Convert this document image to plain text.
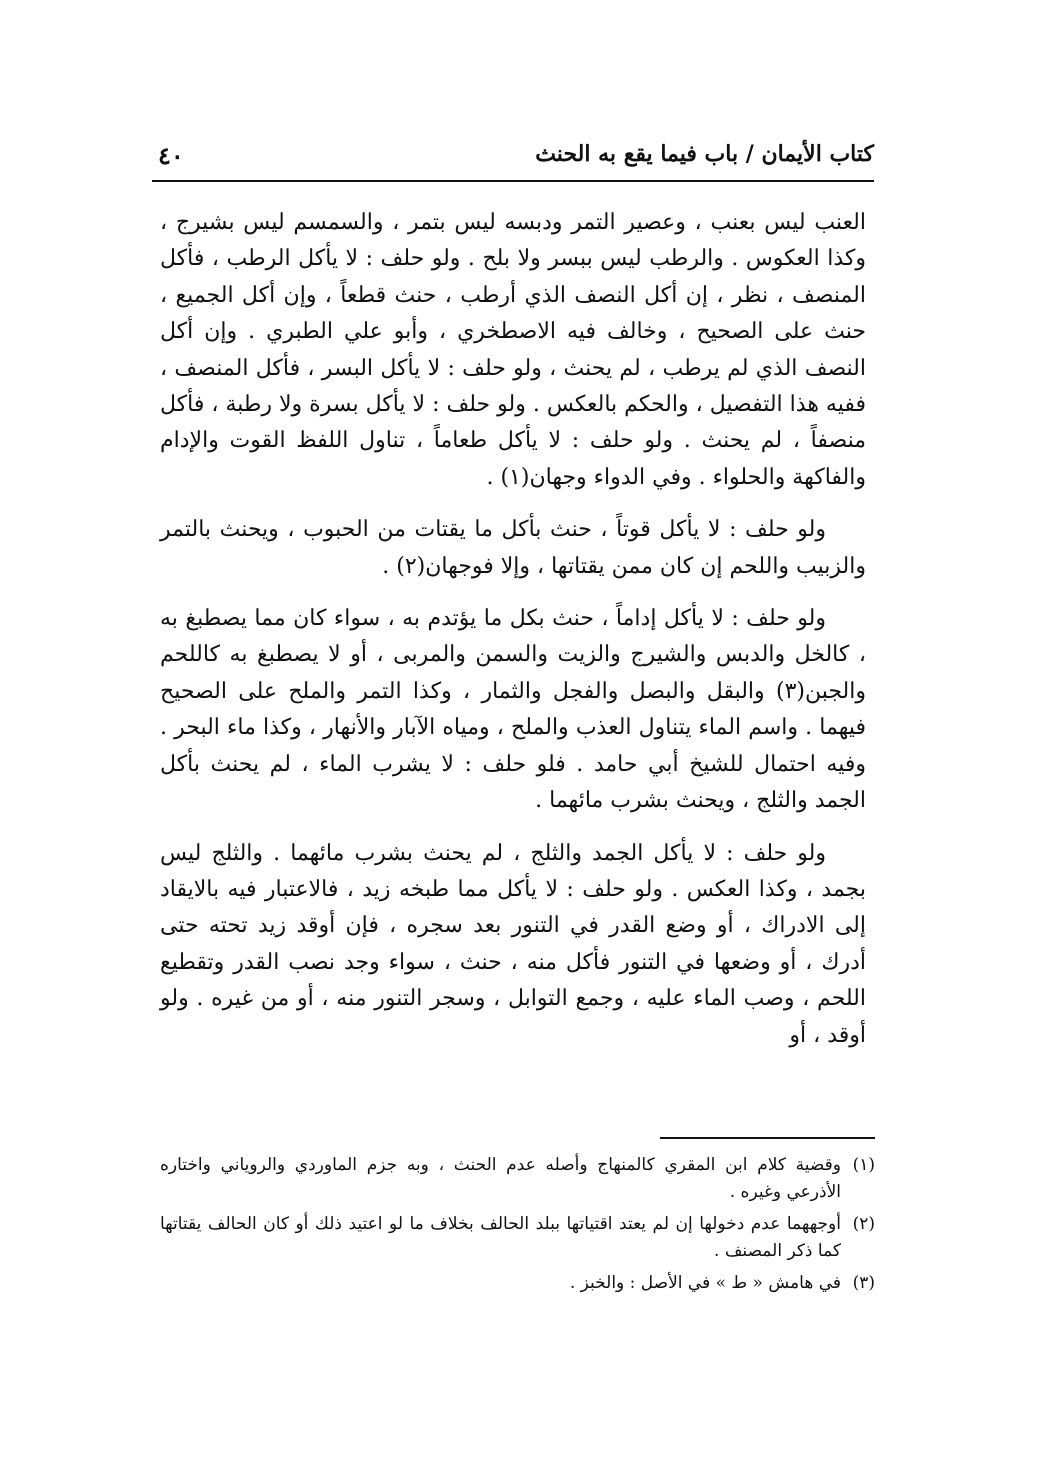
كتاب الأيمان / باب فيما يقع به الحنث
٤٠

العنب ليس بعنب ، وعصير التمر ودبسه ليس بتمر ، والسمسم ليس بشيرج ، وكذا العكوس . والرطب ليس ببسر ولا بلح . ولو حلف : لا يأكل الرطب ، فأكل المنصف ، نظر ، إن أكل النصف الذي أرطب ، حنث قطعاً ، وإن أكل الجميع ، حنث على الصحيح ، وخالف فيه الاصطخري ، وأبو علي الطبري . وإن أكل النصف الذي لم يرطب ، لم يحنث ، ولو حلف : لا يأكل البسر ، فأكل المنصف ، ففيه هذا التفصيل ، والحكم بالعكس . ولو حلف : لا يأكل بسرة ولا رطبة ، فأكل منصفاً ، لم يحنث . ولو حلف : لا يأكل طعاماً ، تناول اللفظ القوت والإدام والفاكهة والحلواء . وفي الدواء وجهان(١) .

ولو حلف : لا يأكل قوتاً ، حنث بأكل ما يقتات من الحبوب ، ويحنث بالتمر والزبيب واللحم إن كان ممن يقتاتها ، وإلا فوجهان(٢) .

ولو حلف : لا يأكل إداماً ، حنث بكل ما يؤتدم به ، سواء كان مما يصطبغ به ، كالخل والدبس والشيرج والزيت والسمن والمربى ، أو لا يصطبغ به كاللحم والجبن(٣) والبقل والبصل والفجل والثمار ، وكذا التمر والملح على الصحيح فيهما . واسم الماء يتناول العذب والملح ، ومياه الآبار والأنهار ، وكذا ماء البحر . وفيه احتمال للشيخ أبي حامد . فلو حلف : لا يشرب الماء ، لم يحنث بأكل الجمد والثلج ، ويحنث بشرب مائهما .

ولو حلف : لا يأكل الجمد والثلج ، لم يحنث بشرب مائهما . والثلج ليس بجمد ، وكذا العكس . ولو حلف : لا يأكل مما طبخه زيد ، فالاعتبار فيه بالايقاد إلى الادراك ، أو وضع القدر في التنور بعد سجره ، فإن أوقد زيد تحته حتى أدرك ، أو وضعها في التنور فأكل منه ، حنث ، سواء وجد نصب القدر وتقطيع اللحم ، وصب الماء عليه ، وجمع التوابل ، وسجر التنور منه ، أو من غيره . ولو أوقد ، أو

(١)
وقضية كلام ابن المقري كالمنهاج وأصله عدم الحنث ، وبه جزم الماوردي والروياني واختاره الأذرعي وغيره .
(٢)
أوجههما عدم دخولها إن لم يعتد اقتياتها ببلد الحالف بخلاف ما لو اعتيد ذلك أو كان الحالف يقتاتها كما ذكر المصنف .
(٣)
في هامش « ط » في الأصل : والخبز .
